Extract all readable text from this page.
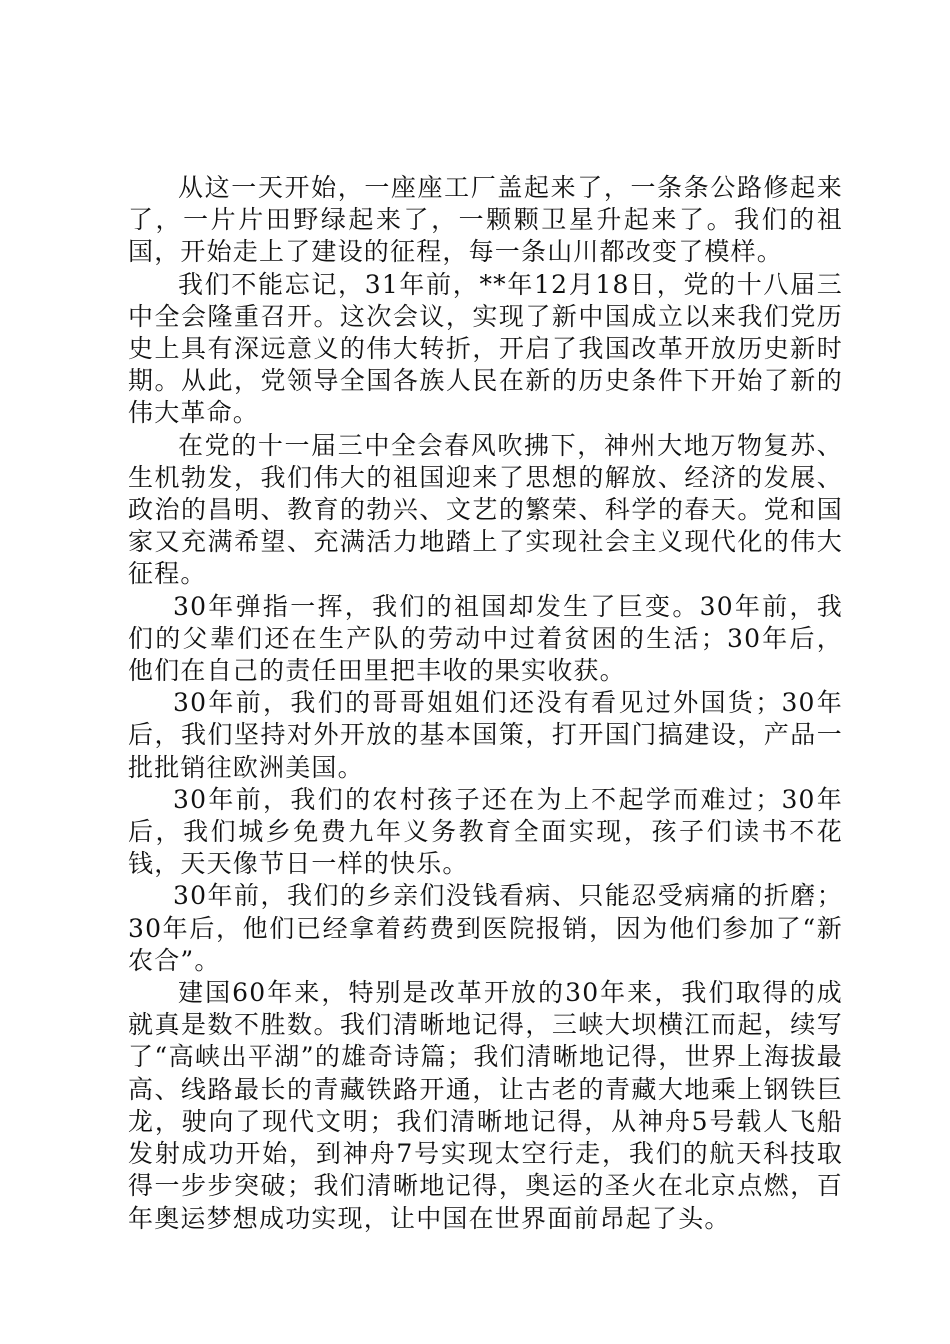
从这一天开始，一座座工厂盖起来了，一条条公路修起来了，一片片田野绿起来了，一颗颗卫星升起来了。我们的祖国，开始走上了建设的征程，每一条山川都改变了模样。

我们不能忘记，31年前，**年12月18日，党的十八届三中全会隆重召开。这次会议，实现了新中国成立以来我们党历史上具有深远意义的伟大转折，开启了我国改革开放历史新时期。从此，党领导全国各族人民在新的历史条件下开始了新的伟大革命。

在党的十一届三中全会春风吹拂下，神州大地万物复苏、生机勃发，我们伟大的祖国迎来了思想的解放、经济的发展、政治的昌明、教育的勃兴、文艺的繁荣、科学的春天。党和国家又充满希望、充满活力地踏上了实现社会主义现代化的伟大征程。

30年弹指一挥，我们的祖国却发生了巨变。30年前，我们的父辈们还在生产队的劳动中过着贫困的生活；30年后，他们在自己的责任田里把丰收的果实收获。

30年前，我们的哥哥姐姐们还没有看见过外国货；30年后，我们坚持对外开放的基本国策，打开国门搞建设，产品一批批销往欧洲美国。

30年前，我们的农村孩子还在为上不起学而难过；30年后，我们城乡免费九年义务教育全面实现，孩子们读书不花钱，天天像节日一样的快乐。

30年前，我们的乡亲们没钱看病、只能忍受病痛的折磨；30年后，他们已经拿着药费到医院报销，因为他们参加了“新农合”。

建国60年来，特别是改革开放的30年来，我们取得的成就真是数不胜数。我们清晰地记得，三峡大坝横江而起，续写了“高峡出平湖”的雄奇诗篇；我们清晰地记得，世界上海拔最高、线路最长的青藏铁路开通，让古老的青藏大地乘上钢铁巨龙，驶向了现代文明；我们清晰地记得，从神舟5号载人飞船发射成功开始，到神舟7号实现太空行走，我们的航天科技取得一步步突破；我们清晰地记得，奥运的圣火在北京点燃，百年奥运梦想成功实现，让中国在世界面前昂起了头。
